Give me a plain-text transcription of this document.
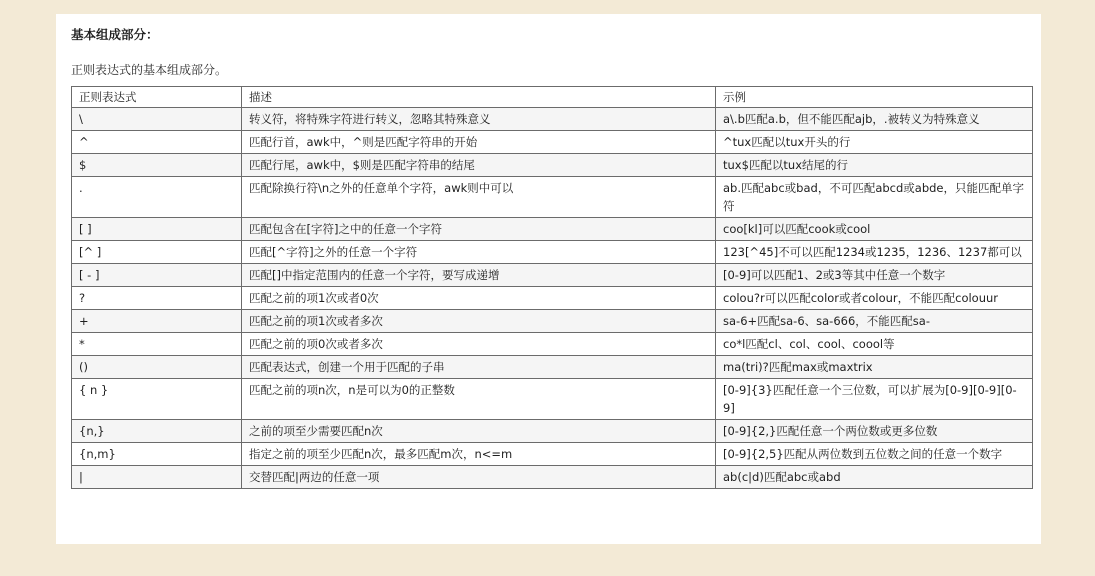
基本组成部分：
正则表达式的基本组成部分。
正则表达式	描述	示例
\	转义符，将特殊字符进行转义，忽略其特殊意义	a\.b匹配a.b，但不能匹配ajb，.被转义为特殊意义
^	匹配行首，awk中，^则是匹配字符串的开始	^tux匹配以tux开头的行
$	匹配行尾，awk中，$则是匹配字符串的结尾	tux$匹配以tux结尾的行
.	匹配除换行符\n之外的任意单个字符，awk则中可以	ab.匹配abc或bad，不可匹配abcd或abde，只能匹配单字符
[ ]	匹配包含在[字符]之中的任意一个字符	coo[kl]可以匹配cook或cool
[^ ]	匹配[^字符]之外的任意一个字符	123[^45]不可以匹配1234或1235，1236、1237都可以
[ - ]	匹配[]中指定范围内的任意一个字符，要写成递增	[0-9]可以匹配1、2或3等其中任意一个数字
?	匹配之前的项1次或者0次	colou?r可以匹配color或者colour，不能匹配colouur
+	匹配之前的项1次或者多次	sa-6+匹配sa-6、sa-666，不能匹配sa-
*	匹配之前的项0次或者多次	co*l匹配cl、col、cool、coool等
()	匹配表达式，创建一个用于匹配的子串	ma(tri)?匹配max或maxtrix
{ n }	匹配之前的项n次，n是可以为0的正整数	[0-9]{3}匹配任意一个三位数，可以扩展为[0-9][0-9][0-9]
{n,}	之前的项至少需要匹配n次	[0-9]{2,}匹配任意一个两位数或更多位数
{n,m}	指定之前的项至少匹配n次，最多匹配m次，n<=m	[0-9]{2,5}匹配从两位数到五位数之间的任意一个数字
|	交替匹配|两边的任意一项	ab(c|d)匹配abc或abd
